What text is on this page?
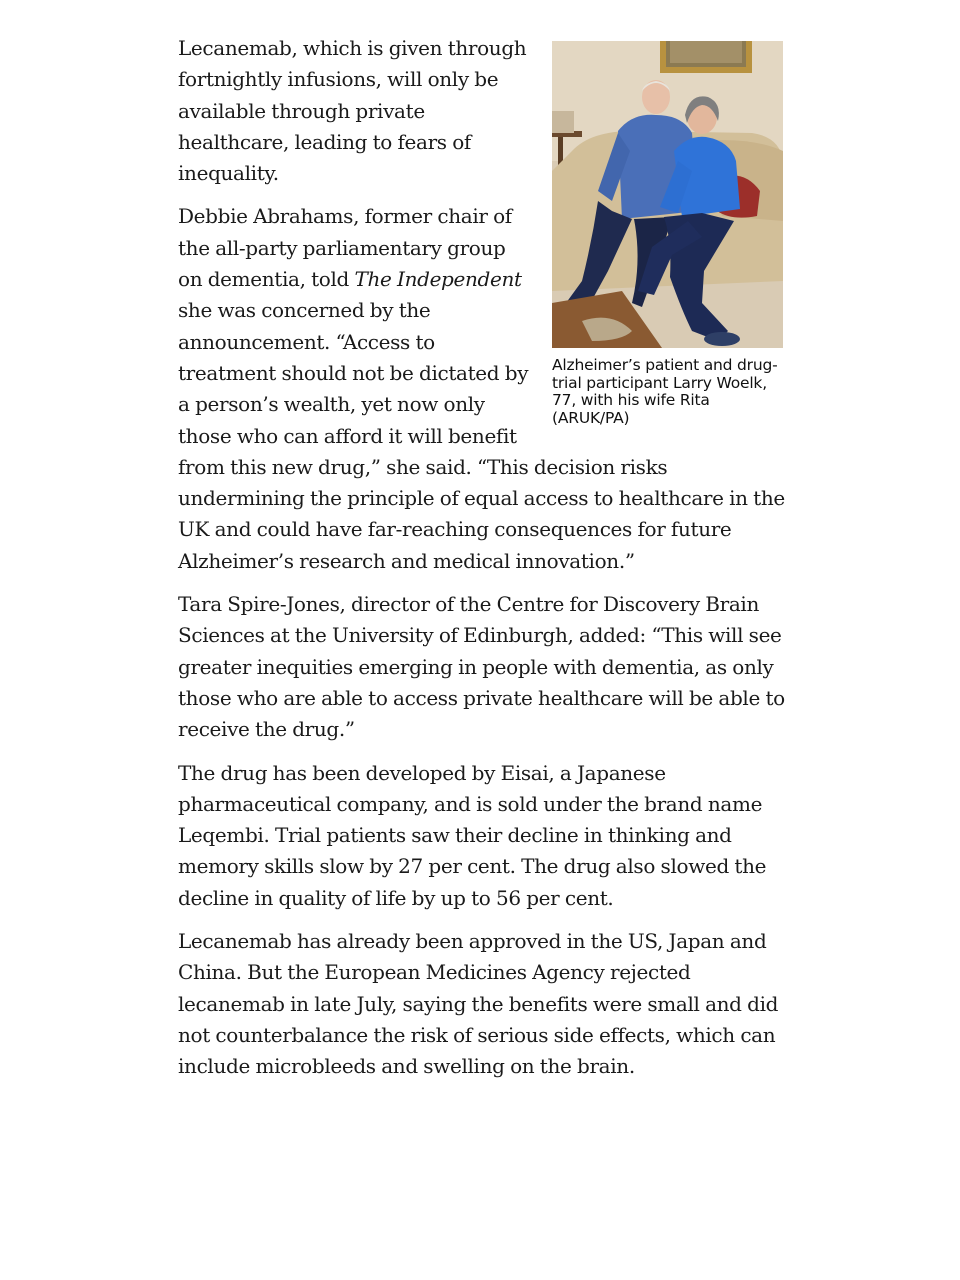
Alzheimer’s patient and drug-trial participant Larry Woelk, 77, with his wife Rita (ARUK/PA)

Lecanemab, which is given through fortnightly infusions, will only be available through private healthcare, leading to fears of inequality.

Debbie Abrahams, former chair of the all-party parliamentary group on dementia, told The Independent she was concerned by the announcement. “Access to treatment should not be dictated by a person’s wealth, yet now only those who can afford it will benefit from this new drug,” she said. “This decision risks undermining the principle of equal access to healthcare in the UK and could have far-reaching consequences for future Alzheimer’s research and medical innovation.”

Tara Spire-Jones, director of the Centre for Discovery Brain Sciences at the University of Edinburgh, added: “This will see greater inequities emerging in people with dementia, as only those who are able to access private healthcare will be able to receive the drug.”

The drug has been developed by Eisai, a Japanese pharmaceutical company, and is sold under the brand name Leqembi. Trial patients saw their decline in thinking and memory skills slow by 27 per cent. The drug also slowed the decline in quality of life by up to 56 per cent.

Lecanemab has already been approved in the US, Japan and China. But the European Medicines Agency rejected lecanemab in late July, saying the benefits were small and did not counterbalance the risk of serious side effects, which can include microbleeds and swelling on the brain.
